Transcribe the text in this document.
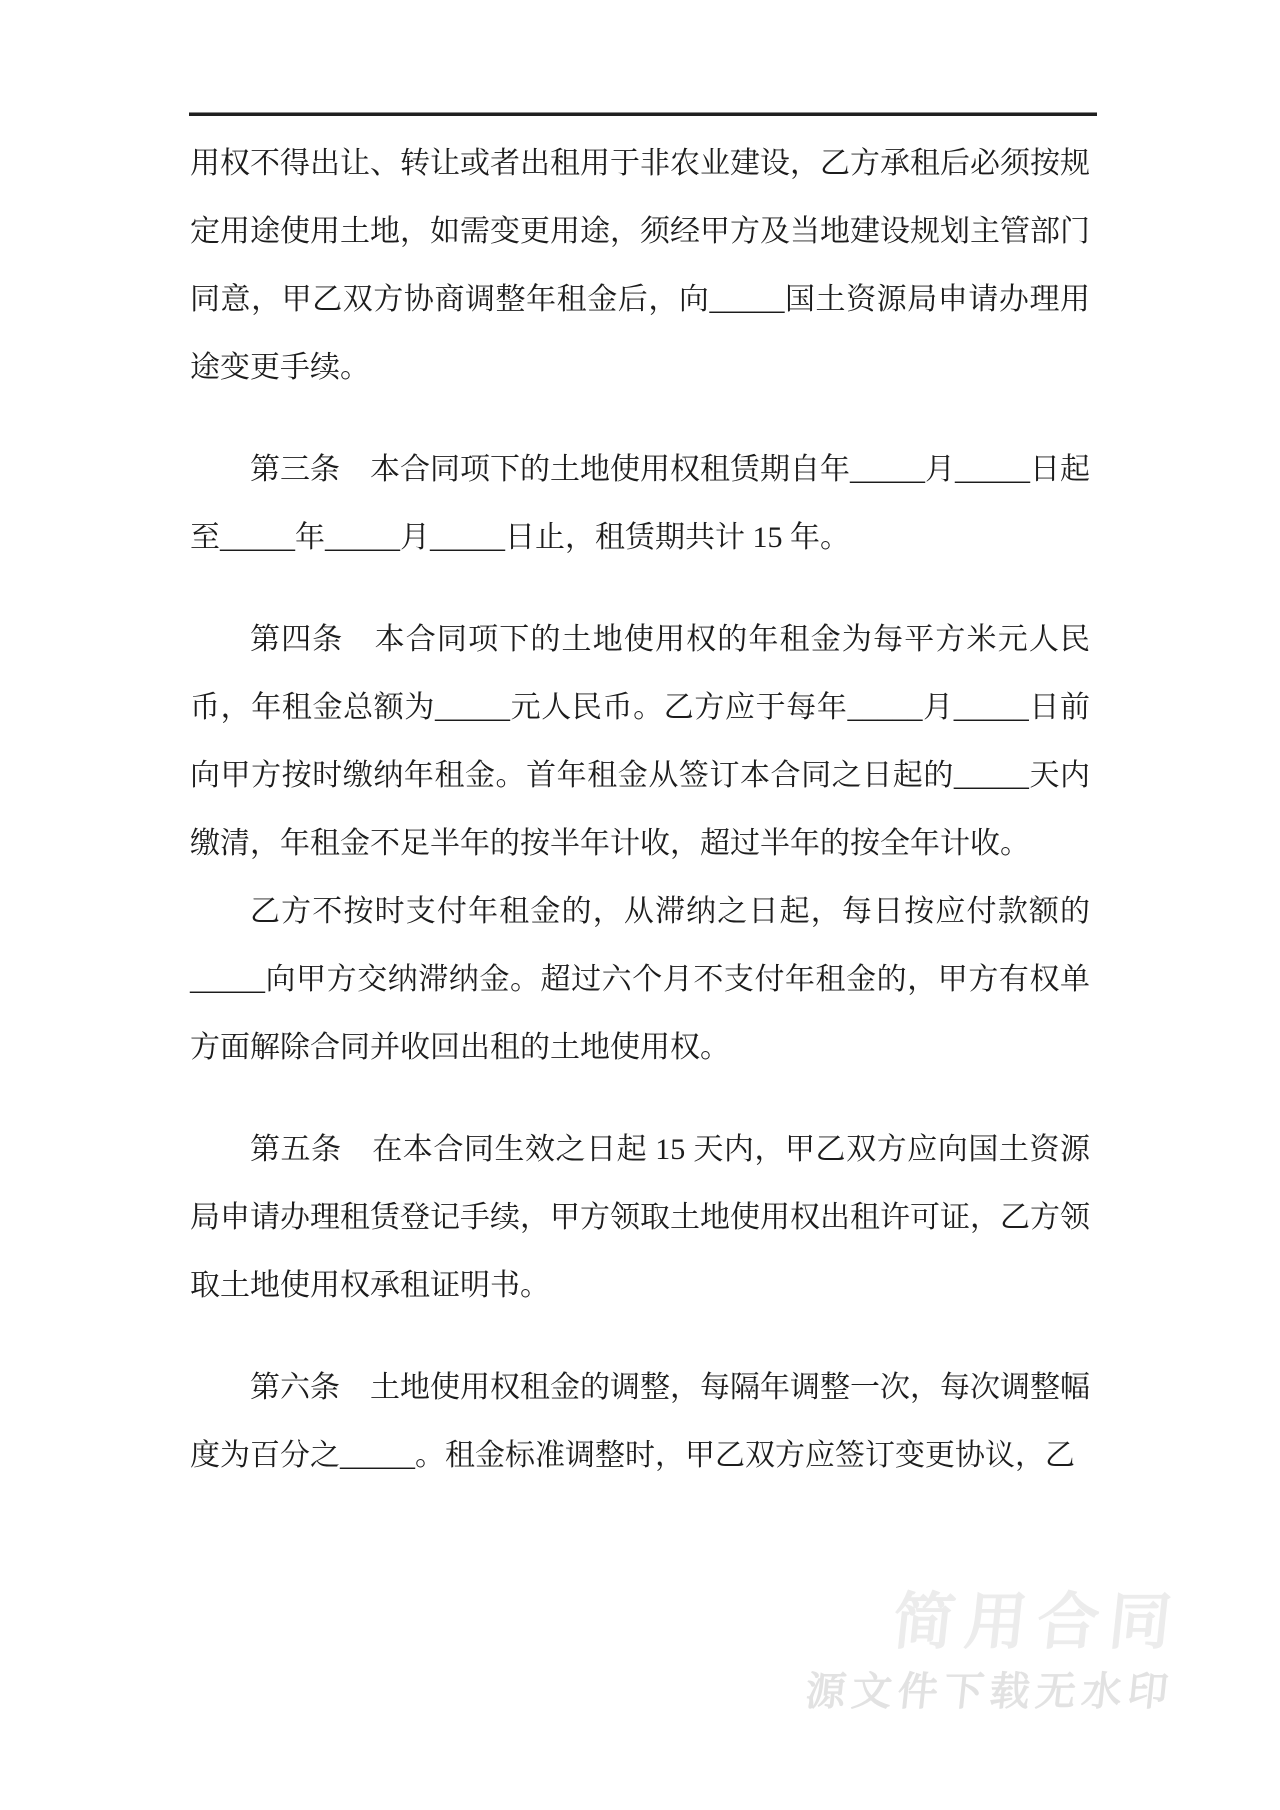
用权不得出让、转让或者出租用于非农业建设，乙方承租后必须按规定用途使用土地，如需变更用途，须经甲方及当地建设规划主管部门同意，甲乙双方协商调整年租金后，向_____国土资源局申请办理用途变更手续。

第三条　本合同项下的土地使用权租赁期自年_____月_____日起至_____年_____月_____日止，租赁期共计 15 年。

第四条　本合同项下的土地使用权的年租金为每平方米元人民币，年租金总额为_____元人民币。乙方应于每年_____月_____日前向甲方按时缴纳年租金。首年租金从签订本合同之日起的_____天内缴清，年租金不足半年的按半年计收，超过半年的按全年计收。

乙方不按时支付年租金的，从滞纳之日起，每日按应付款额的_____向甲方交纳滞纳金。超过六个月不支付年租金的，甲方有权单方面解除合同并收回出租的土地使用权。

第五条　在本合同生效之日起 15 天内，甲乙双方应向国土资源局申请办理租赁登记手续，甲方领取土地使用权出租许可证，乙方领取土地使用权承租证明书。

第六条　土地使用权租金的调整，每隔年调整一次，每次调整幅度为百分之_____。租金标准调整时，甲乙双方应签订变更协议，乙

简用合同
源文件下载无水印
